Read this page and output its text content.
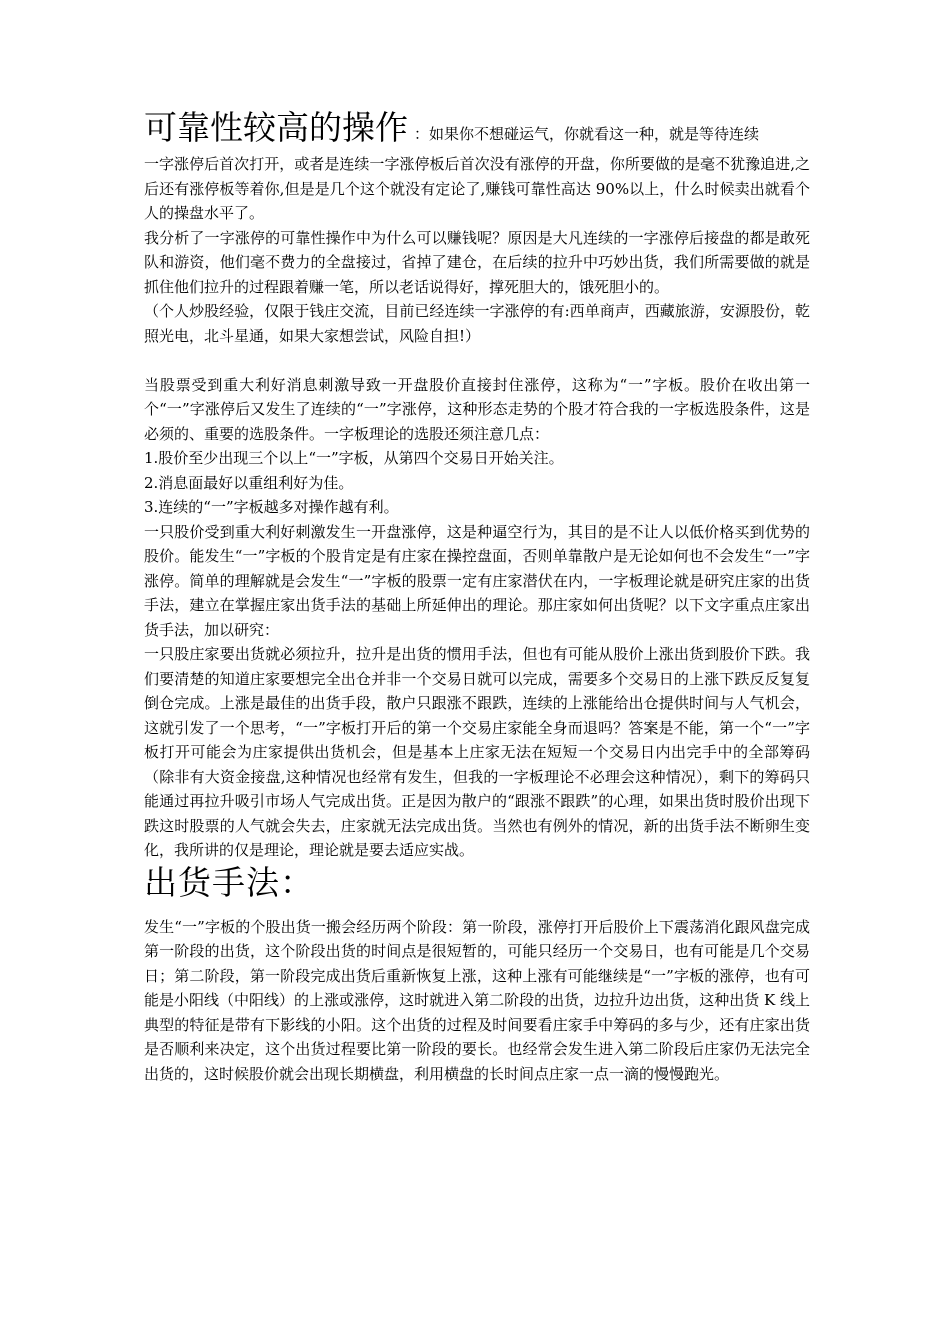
可靠性较高的操作 ：如果你不想碰运气，你就看这一种，就是等待连续

一字涨停后首次打开，或者是连续一字涨停板后首次没有涨停的开盘，你所要做的是毫不犹豫追进,之后还有涨停板等着你,但是是几个这个就没有定论了,赚钱可靠性高达 90%以上，什么时候卖出就看个人的操盘水平了。

我分析了一字涨停的可靠性操作中为什么可以赚钱呢？原因是大凡连续的一字涨停后接盘的都是敢死队和游资，他们毫不费力的全盘接过，省掉了建仓，在后续的拉升中巧妙出货，我们所需要做的就是抓住他们拉升的过程跟着赚一笔，所以老话说得好，撑死胆大的，饿死胆小的。

（个人炒股经验，仅限于钱庄交流，目前已经连续一字涨停的有:西单商声，西藏旅游，安源股份，乾照光电，北斗星通，如果大家想尝试，风险自担!）

当股票受到重大利好消息刺激导致一开盘股价直接封住涨停，这称为“一”字板。股价在收出第一个“一”字涨停后又发生了连续的“一”字涨停，这种形态走势的个股才符合我的一字板选股条件，这是必须的、重要的选股条件。一字板理论的选股还须注意几点：

1.股价至少出现三个以上“一”字板，从第四个交易日开始关注。

2.消息面最好以重组利好为佳。

3.连续的“一”字板越多对操作越有利。

一只股价受到重大利好刺激发生一开盘涨停，这是种逼空行为，其目的是不让人以低价格买到优势的股价。能发生“一”字板的个股肯定是有庄家在操控盘面，否则单靠散户是无论如何也不会发生“一”字涨停。简单的理解就是会发生“一”字板的股票一定有庄家潜伏在内，一字板理论就是研究庄家的出货手法，建立在掌握庄家出货手法的基础上所延伸出的理论。那庄家如何出货呢？以下文字重点庄家出货手法，加以研究：

一只股庄家要出货就必须拉升，拉升是出货的惯用手法，但也有可能从股价上涨出货到股价下跌。我们要清楚的知道庄家要想完全出仓并非一个交易日就可以完成，需要多个交易日的上涨下跌反反复复倒仓完成。上涨是最佳的出货手段，散户只跟涨不跟跌，连续的上涨能给出仓提供时间与人气机会，这就引发了一个思考，“一”字板打开后的第一个交易庄家能全身而退吗？答案是不能，第一个“一”字板打开可能会为庄家提供出货机会，但是基本上庄家无法在短短一个交易日内出完手中的全部筹码（除非有大资金接盘,这种情况也经常有发生，但我的一字板理论不必理会这种情况），剩下的筹码只能通过再拉升吸引市场人气完成出货。正是因为散户的“跟涨不跟跌”的心理，如果出货时股价出现下跌这时股票的人气就会失去，庄家就无法完成出货。当然也有例外的情况，新的出货手法不断卵生变化，我所讲的仅是理论，理论就是要去适应实战。

出货手法：

发生“一”字板的个股出货一搬会经历两个阶段：第一阶段，涨停打开后股价上下震荡消化跟风盘完成第一阶段的出货，这个阶段出货的时间点是很短暂的，可能只经历一个交易日，也有可能是几个交易日；第二阶段，第一阶段完成出货后重新恢复上涨，这种上涨有可能继续是“一”字板的涨停，也有可能是小阳线（中阳线）的上涨或涨停，这时就进入第二阶段的出货，边拉升边出货，这种出货 K 线上典型的特征是带有下影线的小阳。这个出货的过程及时间要看庄家手中筹码的多与少，还有庄家出货是否顺利来决定，这个出货过程要比第一阶段的要长。也经常会发生进入第二阶段后庄家仍无法完全出货的，这时候股价就会出现长期横盘，利用横盘的长时间点庄家一点一滴的慢慢跑光。
